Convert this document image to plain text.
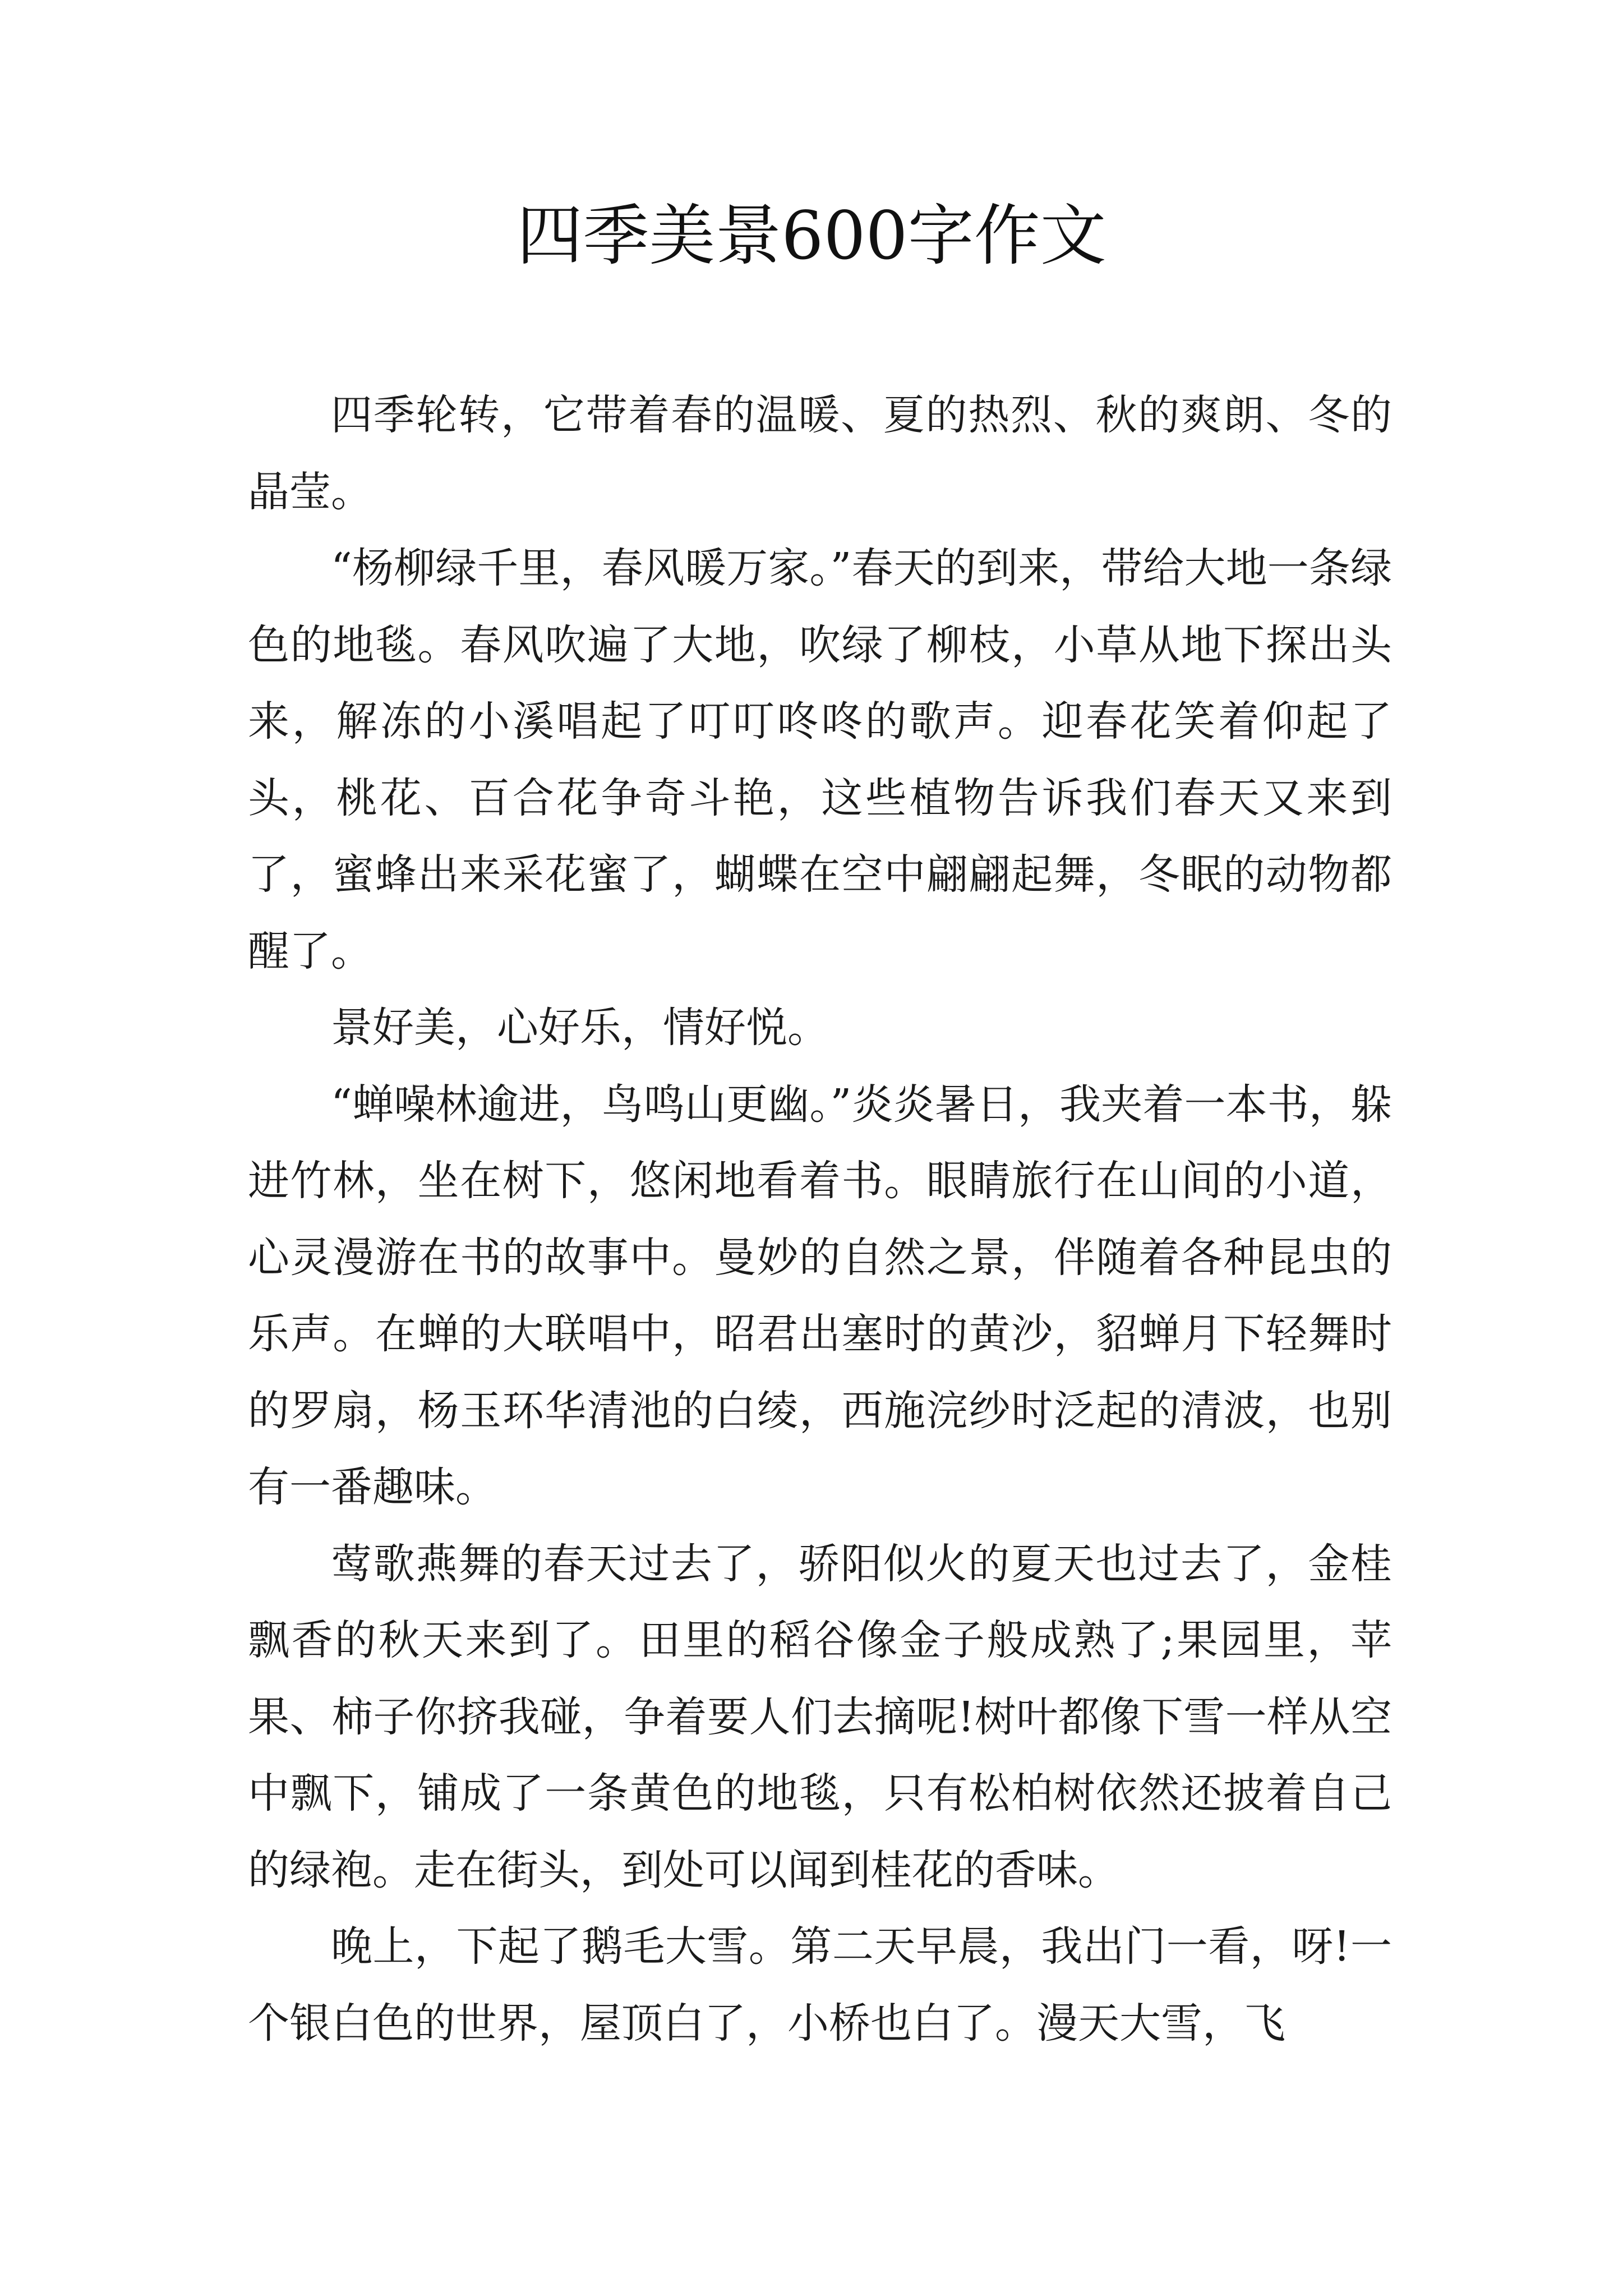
四季美景600字作文

四季轮转，它带着春的温暖、夏的热烈、秋的爽朗、冬的晶莹。

“杨柳绿千里，春风暖万家。”春天的到来，带给大地一条绿色的地毯。春风吹遍了大地，吹绿了柳枝，小草从地下探出头来，解冻的小溪唱起了叮叮咚咚的歌声。迎春花笑着仰起了头，桃花、百合花争奇斗艳，这些植物告诉我们春天又来到了，蜜蜂出来采花蜜了，蝴蝶在空中翩翩起舞，冬眠的动物都醒了。

景好美，心好乐，情好悦。

“蝉噪林逾进，鸟鸣山更幽。”炎炎暑日，我夹着一本书，躲进竹林，坐在树下，悠闲地看着书。眼睛旅行在山间的小道，心灵漫游在书的故事中。曼妙的自然之景，伴随着各种昆虫的乐声。在蝉的大联唱中，昭君出塞时的黄沙，貂蝉月下轻舞时的罗扇，杨玉环华清池的白绫，西施浣纱时泛起的清波，也别有一番趣味。

莺歌燕舞的春天过去了，骄阳似火的夏天也过去了，金桂飘香的秋天来到了。田里的稻谷像金子般成熟了;果园里，苹果、柿子你挤我碰，争着要人们去摘呢!树叶都像下雪一样从空中飘下，铺成了一条黄色的地毯，只有松柏树依然还披着自己的绿袍。走在街头，到处可以闻到桂花的香味。

晚上，下起了鹅毛大雪。第二天早晨，我出门一看，呀!一个银白色的世界，屋顶白了，小桥也白了。漫天大雪，飞
